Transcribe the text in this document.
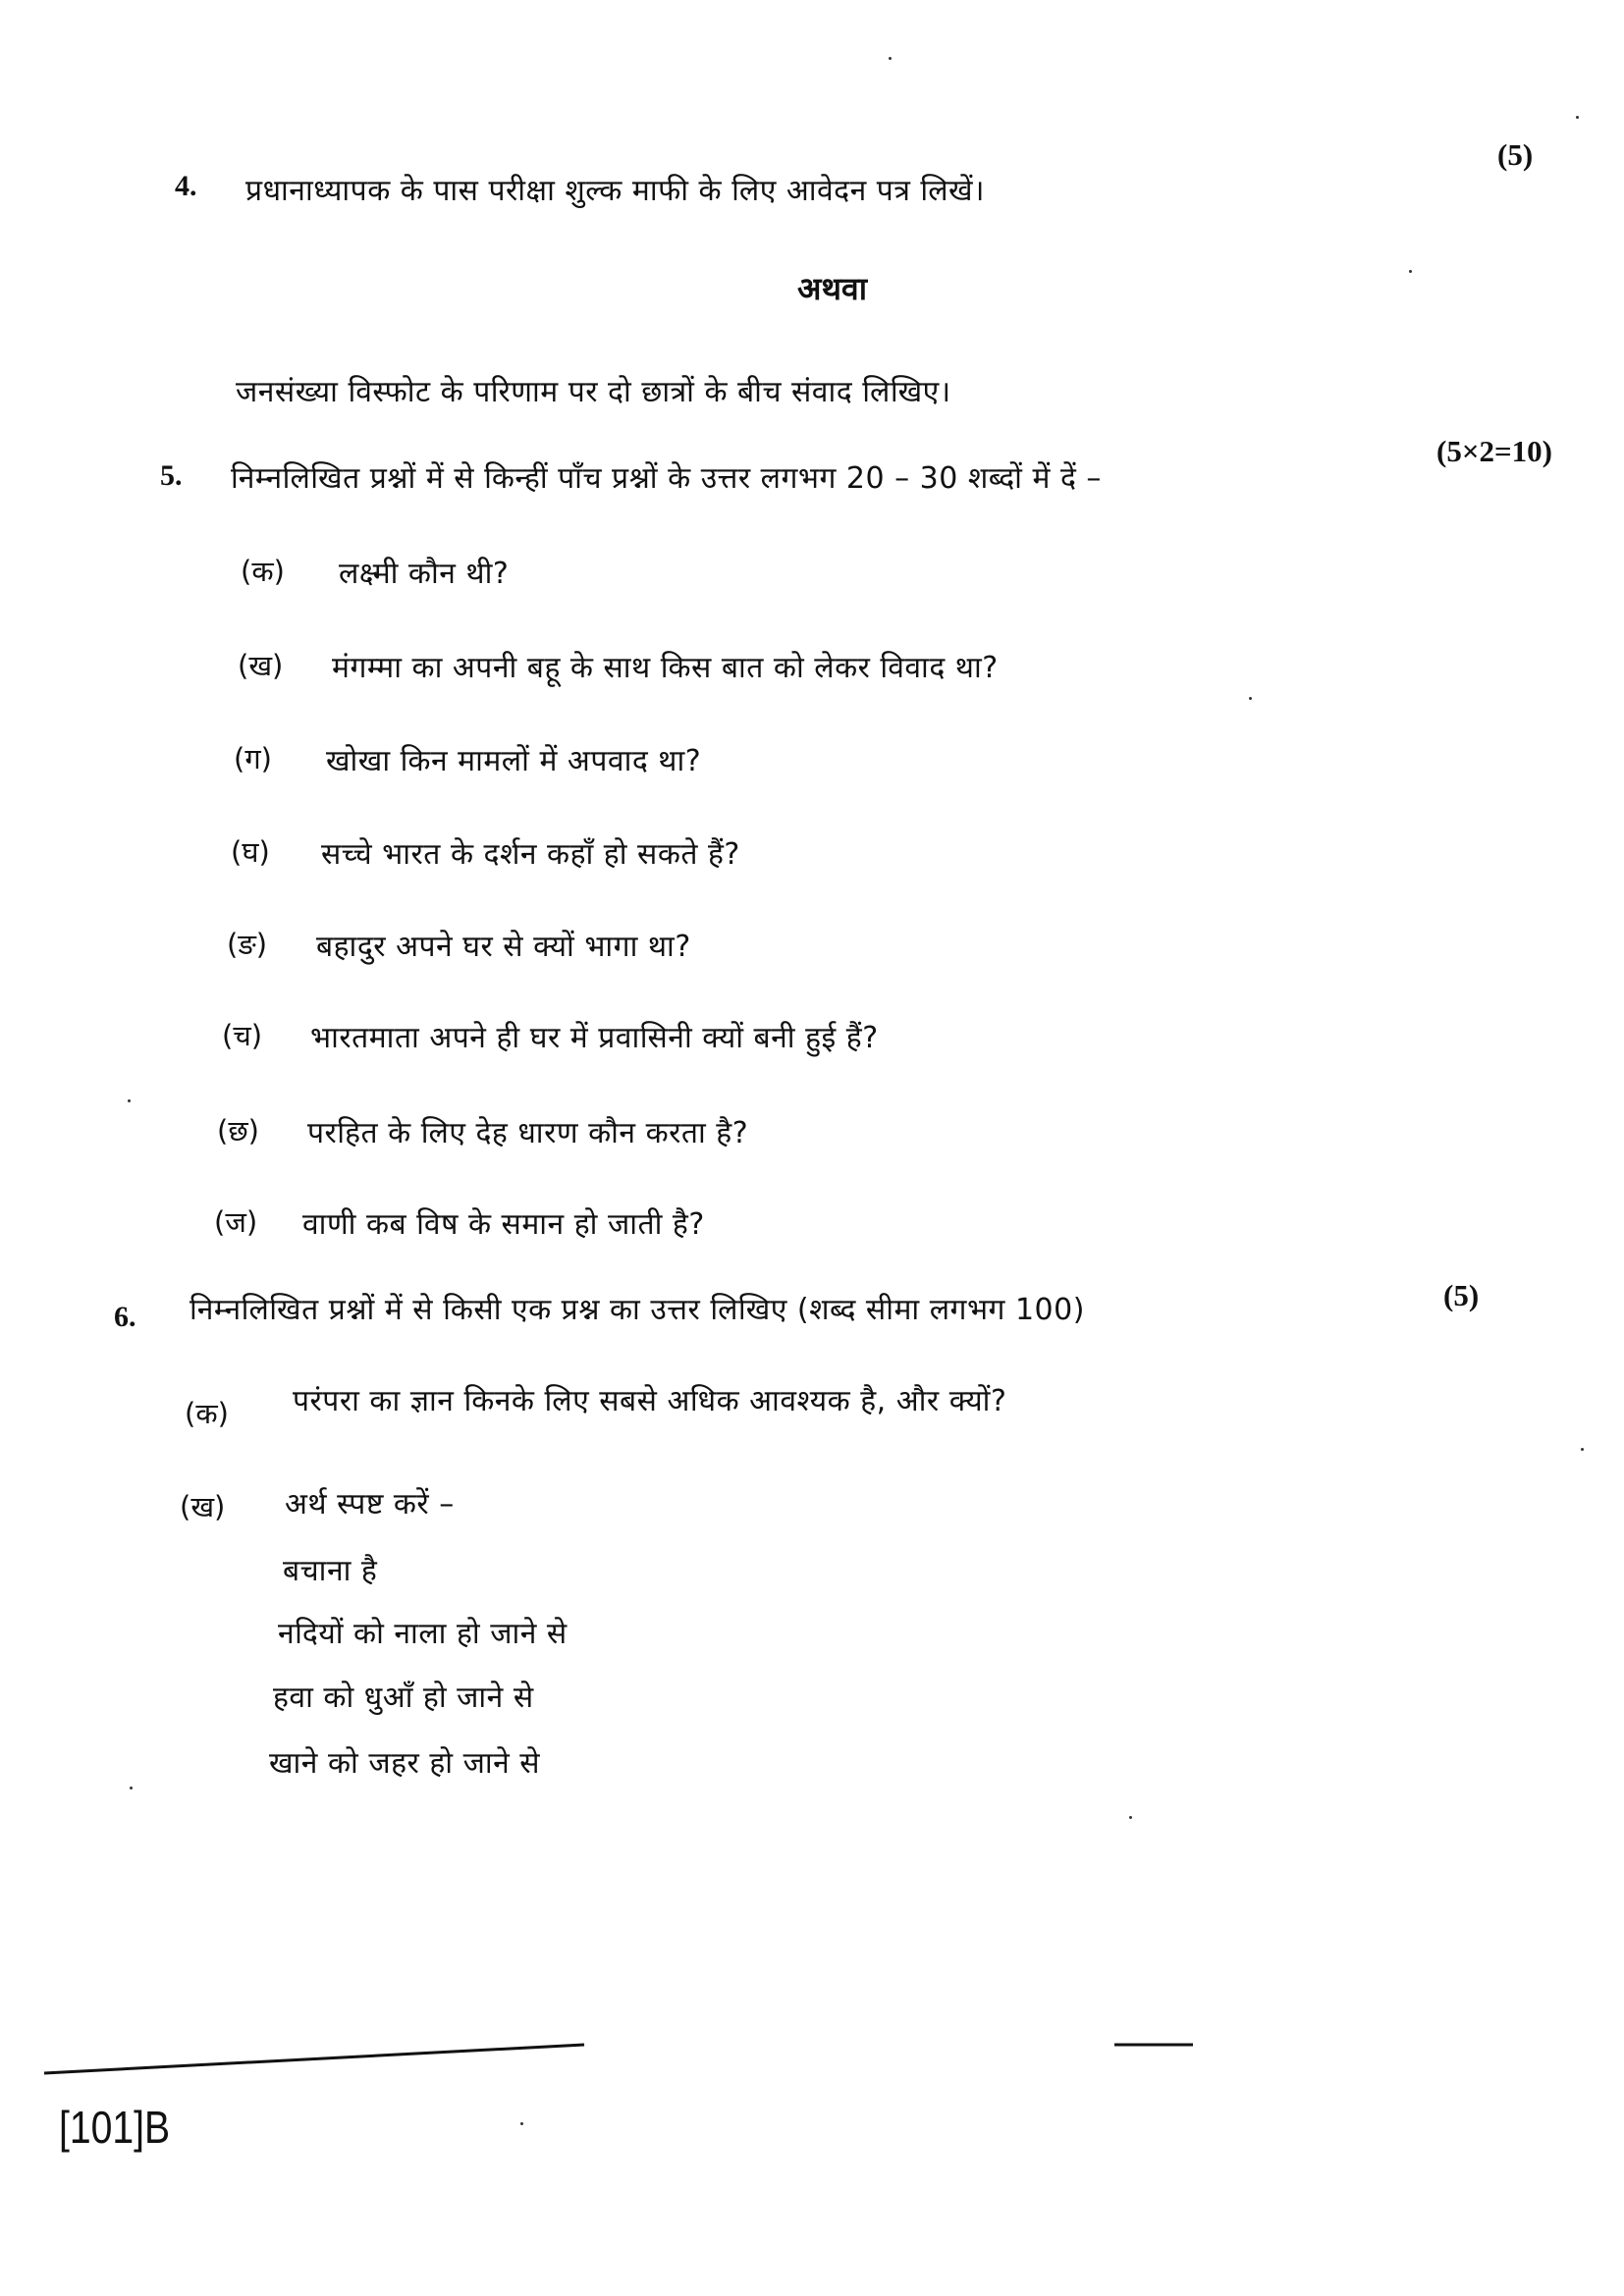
(5)
4. प्रधानाध्यापक के पास परीक्षा शुल्क माफी के लिए आवेदन पत्र लिखें।
अथवा
जनसंख्या विस्फोट के परिणाम पर दो छात्रों के बीच संवाद लिखिए।
(5×2=10)
5. निम्नलिखित प्रश्नों में से किन्हीं पाँच प्रश्नों के उत्तर लगभग 20 – 30 शब्दों में दें –
(क) लक्ष्मी कौन थी?
(ख) मंगम्मा का अपनी बहू के साथ किस बात को लेकर विवाद था?
(ग) खोखा किन मामलों में अपवाद था?
(घ) सच्चे भारत के दर्शन कहाँ हो सकते हैं?
(ङ) बहादुर अपने घर से क्यों भागा था?
(च) भारतमाता अपने ही घर में प्रवासिनी क्यों बनी हुई हैं?
(छ) परहित के लिए देह धारण कौन करता है?
(ज) वाणी कब विष के समान हो जाती है?
(5)
6. निम्नलिखित प्रश्नों में से किसी एक प्रश्न का उत्तर लिखिए (शब्द सीमा लगभग 100)
(क) परंपरा का ज्ञान किनके लिए सबसे अधिक आवश्यक है, और क्यों?
(ख) अर्थ स्पष्ट करें –
बचाना है
नदियों को नाला हो जाने से
हवा को धुआँ हो जाने से
खाने को जहर हो जाने से
[101]B
